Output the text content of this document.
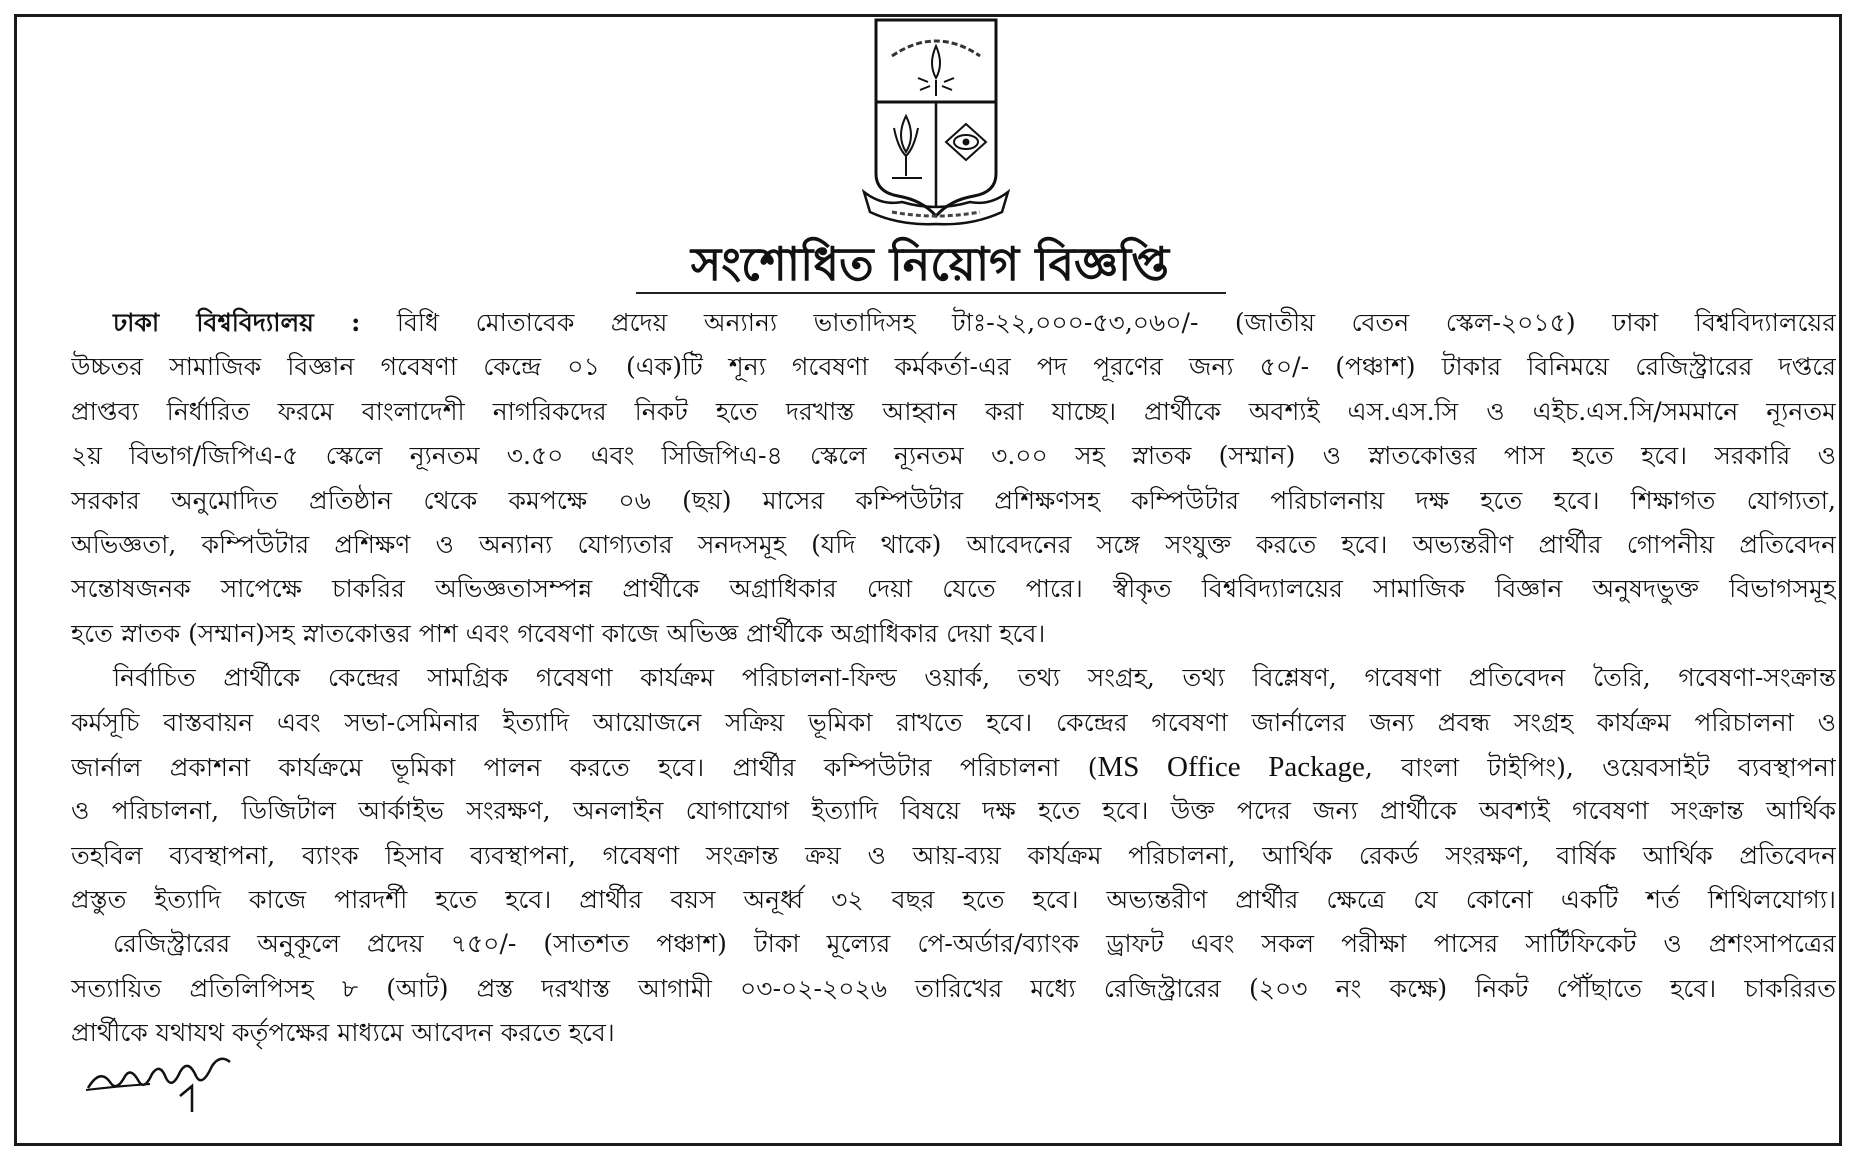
সংশোধিত নিয়োগ বিজ্ঞপ্তি
ঢাকা বিশ্ববিদ্যালয় : বিধি মোতাবেক প্রদেয় অন্যান্য ভাতাদিসহ টাঃ-২২,০০০-৫৩,০৬০/- (জাতীয় বেতন স্কেল-২০১৫) ঢাকা বিশ্ববিদ্যালয়ের
উচ্চতর সামাজিক বিজ্ঞান গবেষণা কেন্দ্রে ০১ (এক)টি শূন্য গবেষণা কর্মকর্তা-এর পদ পূরণের জন্য ৫০/- (পঞ্চাশ) টাকার বিনিময়ে রেজিস্ট্রারের দপ্তরে
প্রাপ্তব্য নির্ধারিত ফরমে বাংলাদেশী নাগরিকদের নিকট হতে দরখাস্ত আহ্বান করা যাচ্ছে। প্রার্থীকে অবশ্যই এস.এস.সি ও এইচ.এস.সি/সমমানে ন্যূনতম
২য় বিভাগ/জিপিএ-৫ স্কেলে ন্যূনতম ৩.৫০ এবং সিজিপিএ-৪ স্কেলে ন্যূনতম ৩.০০ সহ স্নাতক (সম্মান) ও স্নাতকোত্তর পাস হতে হবে। সরকারি ও
সরকার অনুমোদিত প্রতিষ্ঠান থেকে কমপক্ষে ০৬ (ছয়) মাসের কম্পিউটার প্রশিক্ষণসহ কম্পিউটার পরিচালনায় দক্ষ হতে হবে। শিক্ষাগত যোগ্যতা,
অভিজ্ঞতা, কম্পিউটার প্রশিক্ষণ ও অন্যান্য যোগ্যতার সনদসমূহ (যদি থাকে) আবেদনের সঙ্গে সংযুক্ত করতে হবে। অভ্যন্তরীণ প্রার্থীর গোপনীয় প্রতিবেদন
সন্তোষজনক সাপেক্ষে চাকরির অভিজ্ঞতাসম্পন্ন প্রার্থীকে অগ্রাধিকার দেয়া যেতে পারে। স্বীকৃত বিশ্ববিদ্যালয়ের সামাজিক বিজ্ঞান অনুষদভুক্ত বিভাগসমূহ
হতে স্নাতক (সম্মান)সহ স্নাতকোত্তর পাশ এবং গবেষণা কাজে অভিজ্ঞ প্রার্থীকে অগ্রাধিকার দেয়া হবে।
নির্বাচিত প্রার্থীকে কেন্দ্রের সামগ্রিক গবেষণা কার্যক্রম পরিচালনা-ফিল্ড ওয়ার্ক, তথ্য সংগ্রহ, তথ্য বিশ্লেষণ, গবেষণা প্রতিবেদন তৈরি, গবেষণা-সংক্রান্ত
কর্মসূচি বাস্তবায়ন এবং সভা-সেমিনার ইত্যাদি আয়োজনে সক্রিয় ভূমিকা রাখতে হবে। কেন্দ্রের গবেষণা জার্নালের জন্য প্রবন্ধ সংগ্রহ কার্যক্রম পরিচালনা ও
জার্নাল প্রকাশনা কার্যক্রমে ভূমিকা পালন করতে হবে। প্রার্থীর কম্পিউটার পরিচালনা (MS Office Package, বাংলা টাইপিং), ওয়েবসাইট ব্যবস্থাপনা
ও পরিচালনা, ডিজিটাল আর্কাইভ সংরক্ষণ, অনলাইন যোগাযোগ ইত্যাদি বিষয়ে দক্ষ হতে হবে। উক্ত পদের জন্য প্রার্থীকে অবশ্যই গবেষণা সংক্রান্ত আর্থিক
তহবিল ব্যবস্থাপনা, ব্যাংক হিসাব ব্যবস্থাপনা, গবেষণা সংক্রান্ত ক্রয় ও আয়-ব্যয় কার্যক্রম পরিচালনা, আর্থিক রেকর্ড সংরক্ষণ, বার্ষিক আর্থিক প্রতিবেদন
প্রস্তুত ইত্যাদি কাজে পারদর্শী হতে হবে। প্রার্থীর বয়স অনূর্ধ্ব ৩২ বছর হতে হবে। অভ্যন্তরীণ প্রার্থীর ক্ষেত্রে যে কোনো একটি শর্ত শিথিলযোগ্য।
রেজিস্ট্রারের অনুকূলে প্রদেয় ৭৫০/- (সাতশত পঞ্চাশ) টাকা মূল্যের পে-অর্ডার/ব্যাংক ড্রাফট এবং সকল পরীক্ষা পাসের সার্টিফিকেট ও প্রশংসাপত্রের
সত্যায়িত প্রতিলিপিসহ ৮ (আট) প্রস্ত দরখাস্ত আগামী ০৩-০২-২০২৬ তারিখের মধ্যে রেজিস্ট্রারের (২০৩ নং কক্ষে) নিকট পৌঁছাতে হবে। চাকরিরত
প্রার্থীকে যথাযথ কর্তৃপক্ষের মাধ্যমে আবেদন করতে হবে।
